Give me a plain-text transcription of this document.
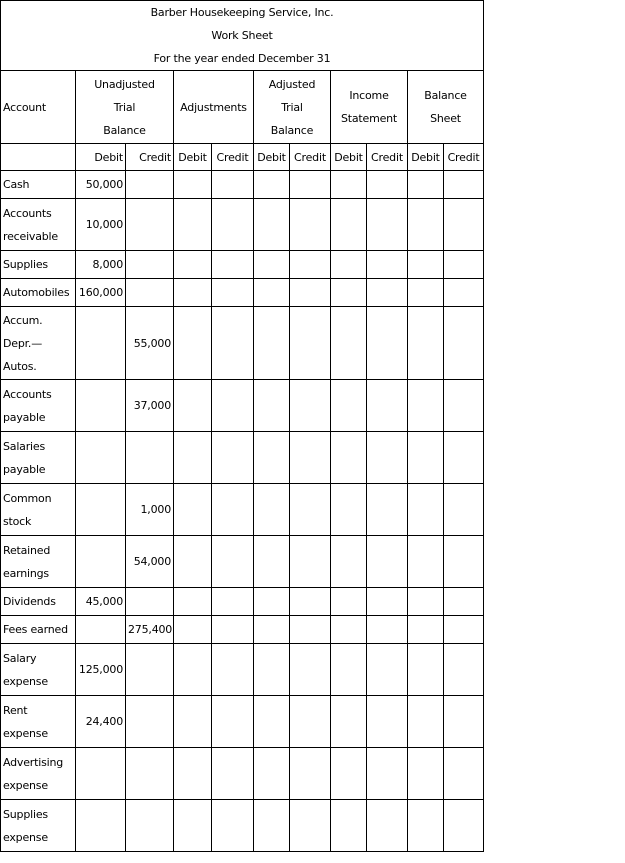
Barber Housekeeping Service, Inc.
Work Sheet
For the year ended December 31										

Account	Unadjusted
Trial
Balance		Adjustments		Adjusted
Trial
Balance		Income
Statement		Balance
Sheet	

	Debit	Credit	Debit	Credit	Debit	Credit	Debit	Credit	Debit	Credit

Cash	50,000									

Accounts
receivable	10,000									

Supplies	8,000									

Automobiles	160,000									

Accum.
Depr.—
Autos.		55,000								

Accounts
payable		37,000								

Salaries
payable										

Common
stock		1,000								

Retained
earnings		54,000								

Dividends	45,000									

Fees earned		275,400								

Salary
expense	125,000									

Rent
expense	24,400									

Advertising
expense										

Supplies
expense										
